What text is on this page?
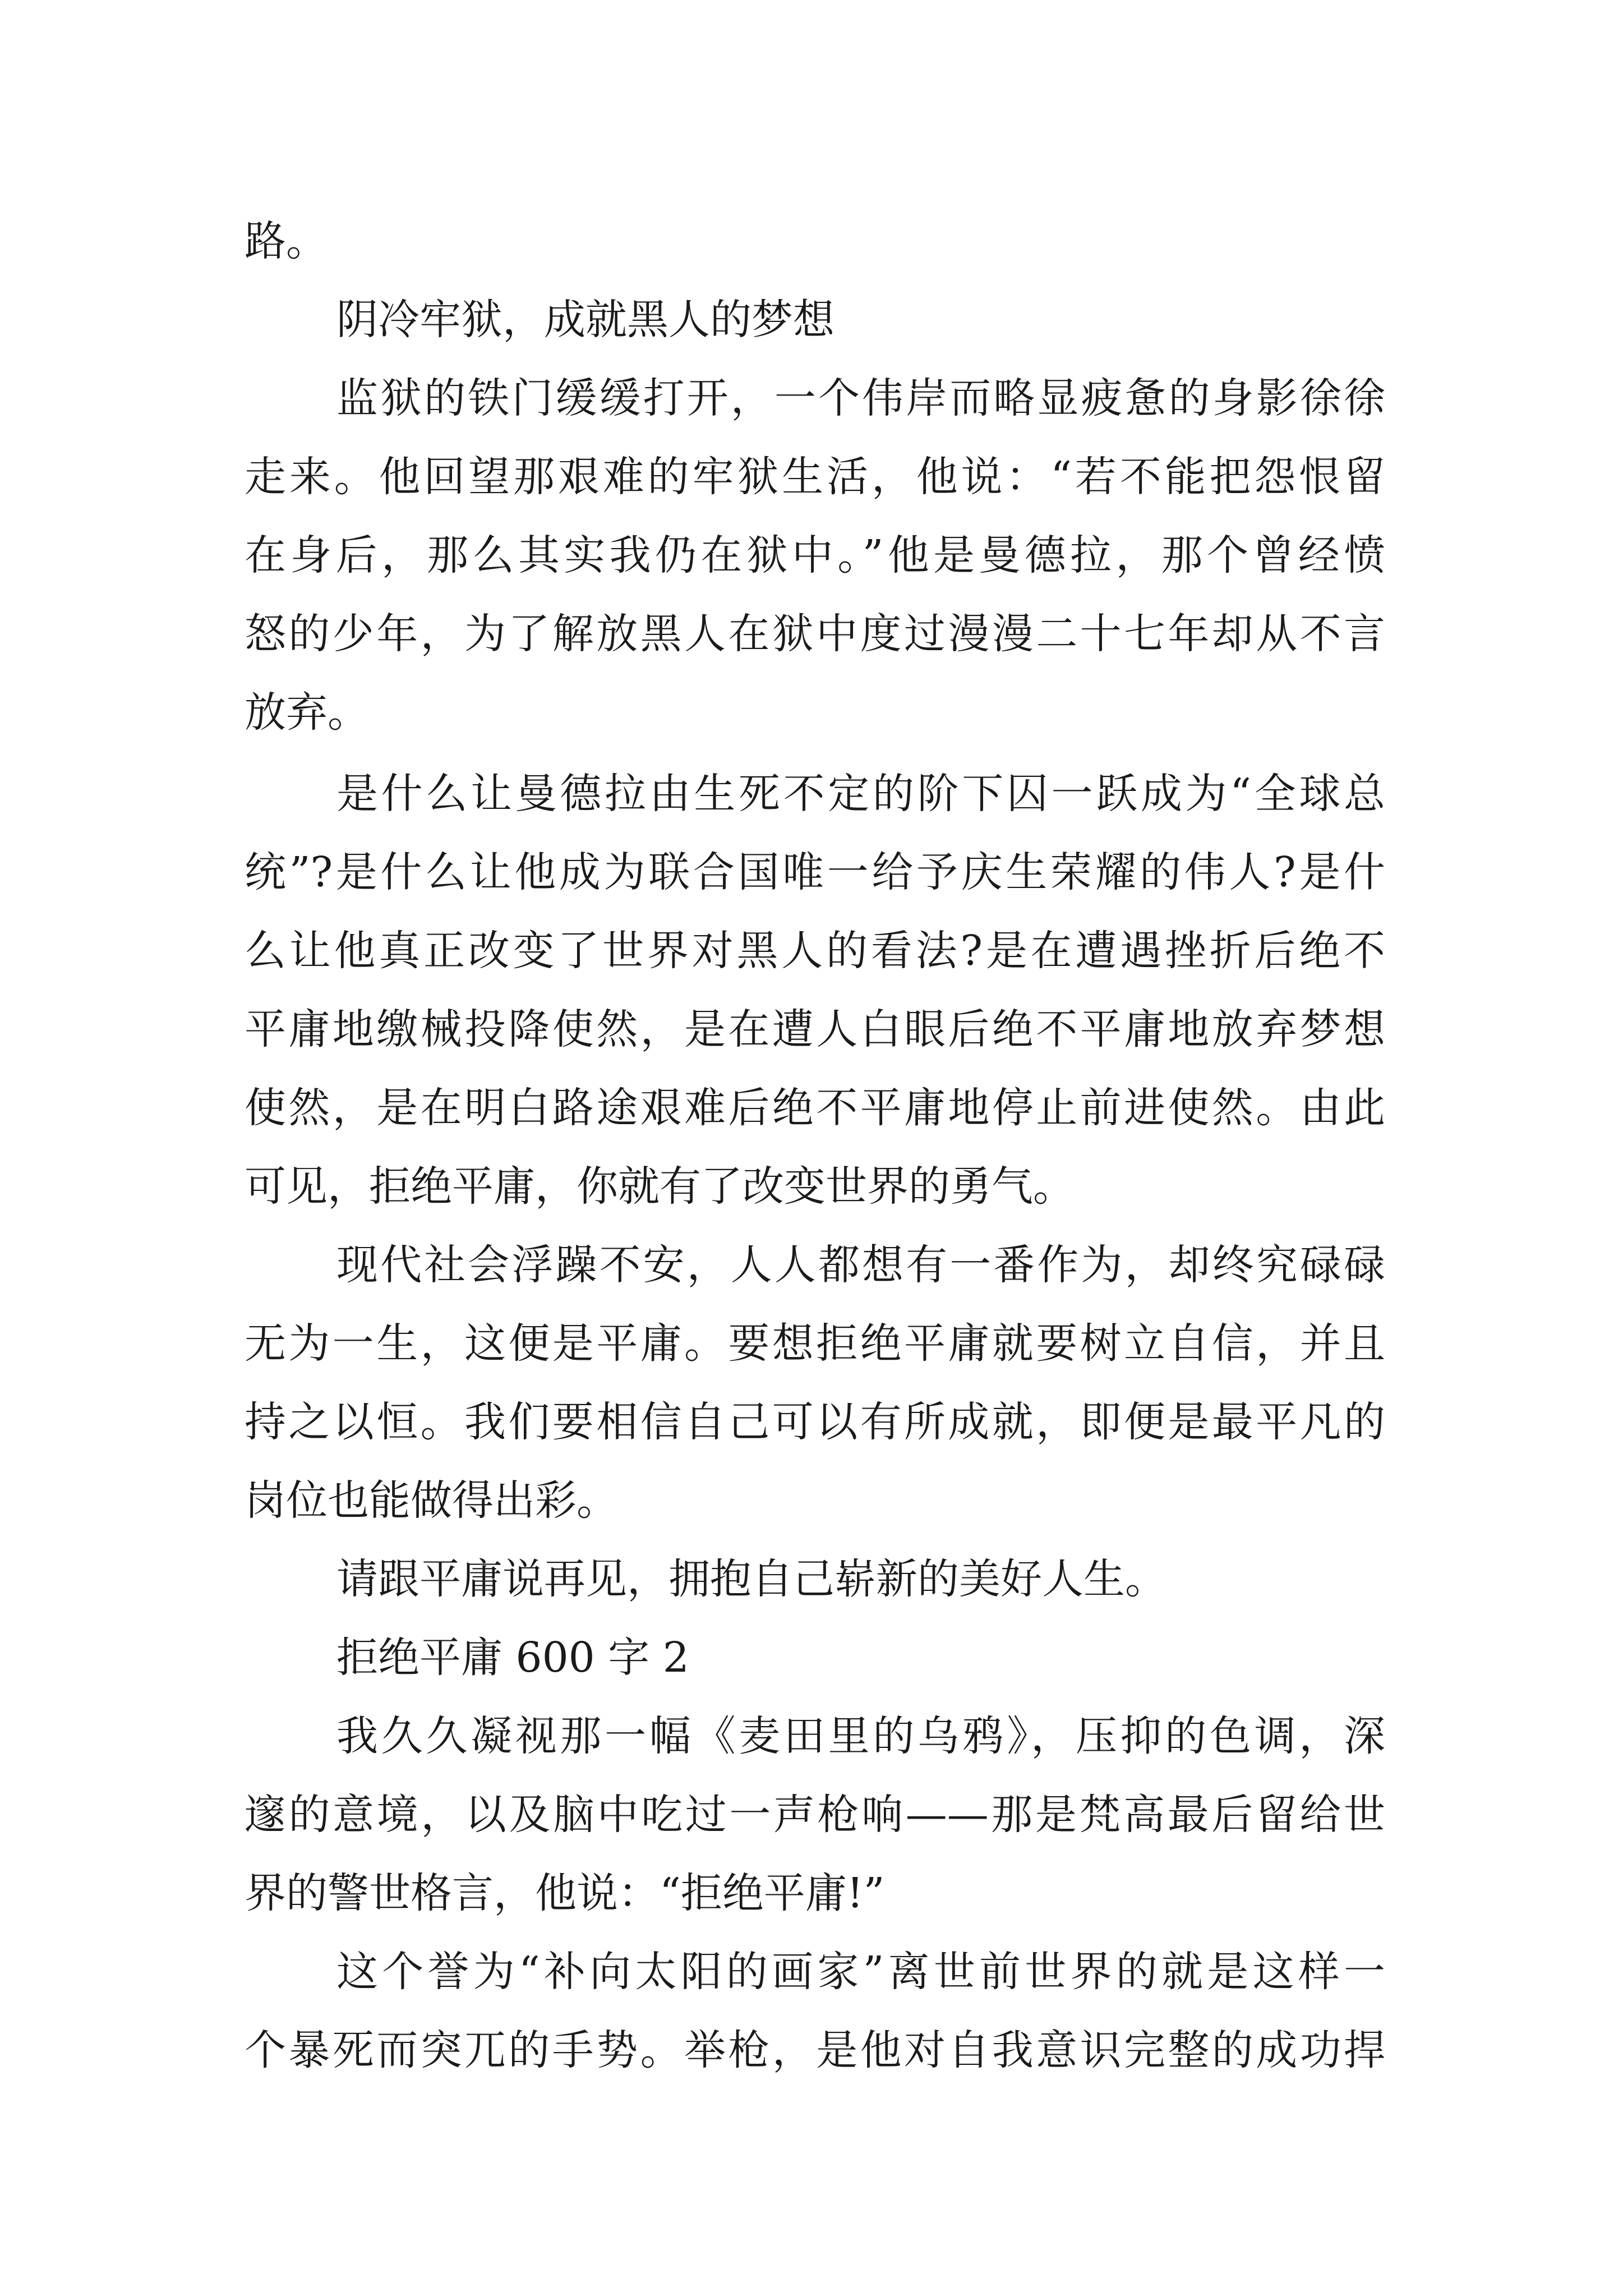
路。
阴冷牢狱，成就黑人的梦想
监狱的铁门缓缓打开，一个伟岸而略显疲惫的身影徐徐
走来。他回望那艰难的牢狱生活，他说：“若不能把怨恨留
在身后，那么其实我仍在狱中。”他是曼德拉，那个曾经愤
怒的少年，为了解放黑人在狱中度过漫漫二十七年却从不言
放弃。
是什么让曼德拉由生死不定的阶下囚一跃成为“全球总
统”?是什么让他成为联合国唯一给予庆生荣耀的伟人?是什
么让他真正改变了世界对黑人的看法?是在遭遇挫折后绝不
平庸地缴械投降使然，是在遭人白眼后绝不平庸地放弃梦想
使然，是在明白路途艰难后绝不平庸地停止前进使然。由此
可见，拒绝平庸，你就有了改变世界的勇气。
现代社会浮躁不安，人人都想有一番作为，却终究碌碌
无为一生，这便是平庸。要想拒绝平庸就要树立自信，并且
持之以恒。我们要相信自己可以有所成就，即便是最平凡的
岗位也能做得出彩。
请跟平庸说再见，拥抱自己崭新的美好人生。
拒绝平庸 600 字 2
我久久凝视那一幅《麦田里的乌鸦》，压抑的色调，深
邃的意境，以及脑中吃过一声枪响——那是梵高最后留给世
界的警世格言，他说：“拒绝平庸!”
这个誉为“补向太阳的画家”离世前世界的就是这样一
个暴死而突兀的手势。举枪，是他对自我意识完整的成功捍
